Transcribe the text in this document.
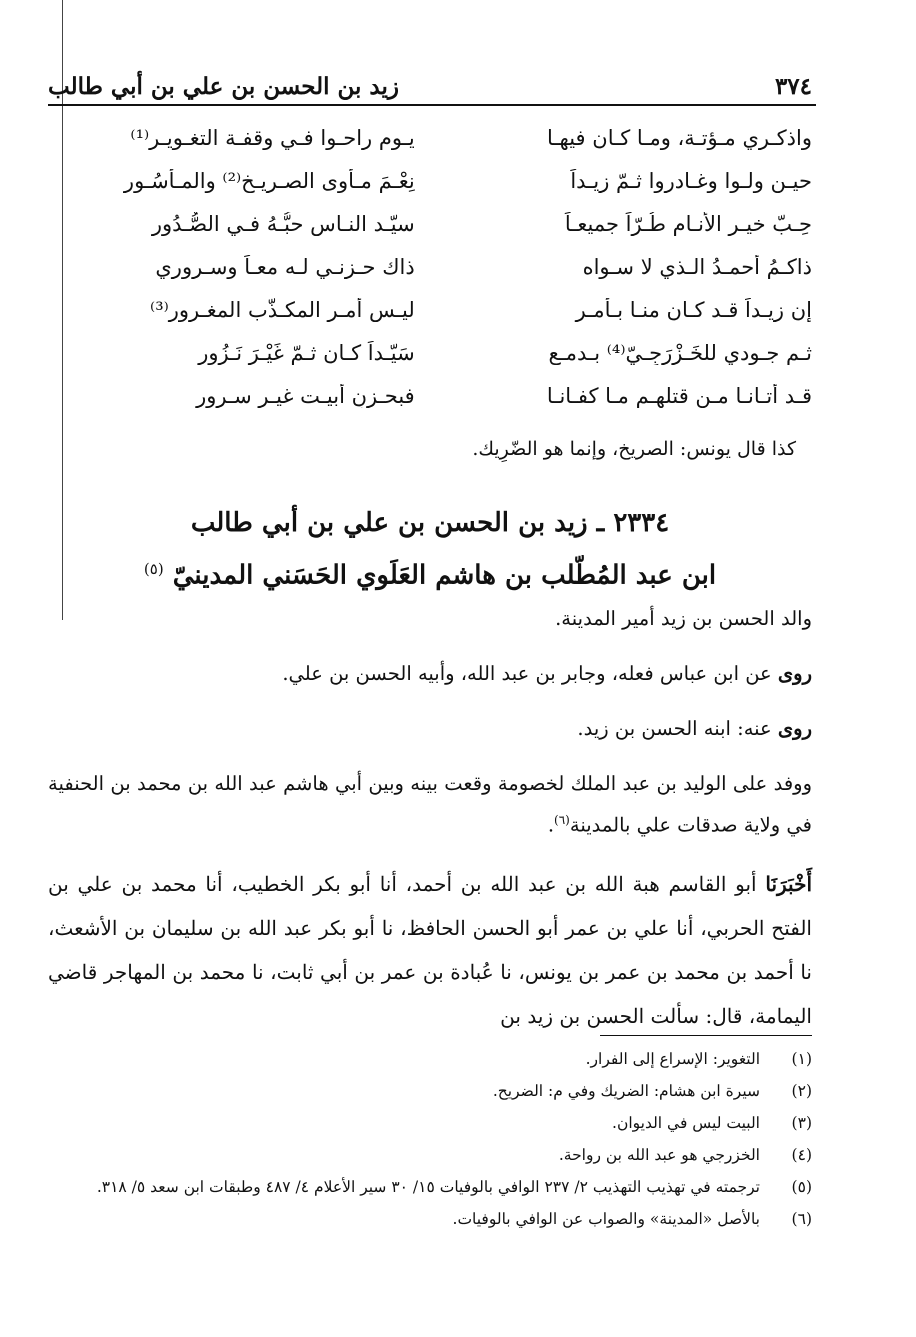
٣٧٤
زيد بن الحسن بن علي بن أبي طالب
واذكـري مـؤتـة، ومـا كـان فيهـا
يـوم راحـوا فـي وقفـة التغـويـر⁽¹⁾
حيـن ولـوا وغـادروا ثـمّ زيـداً
نِعْـمَ مـأوى الصـريـخ⁽²⁾ والمـأسُـورِ
حِـبّ خيـر الأنـام طُـرّاً جميعـاً
سيّـد النـاس حبُّـهُ فـي الصُّـدُورِ
ذاكـمُ أحمـدُ الـذي لا سـواه
ذاك حـزنـي لـه معـاً وسـروري
إن زيـداً قـد كـان منـا بـأمـر
ليـس أمـر المكـذّب المغـرور⁽³⁾
ثـم جـودي للخَـزْرَجِـيّ⁽⁴⁾ بـدمـع
سَيّـداً كـان ثـمّ غَيْـرَ نَـزُورِ
قـد أتـانـا مـن قتلهـم مـا كفـانـا
فبحـزنٍ أبيـت غيـر سـرور
كذا قال يونس: الصريخ، وإنما هو الضّرِيك.
٢٣٣٤ ـ زيد بن الحسن بن علي بن أبي طالب
ابن عبد المُطّلب بن هاشم العَلَوي الحَسَني المدينيّ $^{(٥)}$

والد الحسن بن زيد أمير المدينة.

روى عن ابن عباس فعله، وجابر بن عبد الله، وأبيه الحسن بن علي.

روى عنه: ابنه الحسن بن زيد.

ووفد على الوليد بن عبد الملك لخصومة وقعت بينه وبين أبي هاشم عبد الله بن محمد بن الحنفية في ولاية صدقات علي بالمدينة$^{(٦)}$.

أَخْبَرَنَا أبو القاسم هبة الله بن عبد الله بن أحمد، أنا أبو بكر الخطيب، أنا محمد بن علي بن الفتح الحربي، أنا علي بن عمر أبو الحسن الحافظ، نا أبو بكر عبد الله بن سليمان بن الأشعث، نا أحمد بن محمد بن عمر بن يونس، نا عُبادة بن عمر بن أبي ثابت، نا محمد بن المهاجر قاضي اليمامة، قال: سألت الحسن بن زيد بن

(١)
التغوير: الإسراع إلى الفرار.
(٢)
سيرة ابن هشام: الضريك وفي م: الضريح.
(٣)
البيت ليس في الديوان.
(٤)
الخزرجي هو عبد الله بن رواحة.
(٥)
ترجمته في تهذيب التهذيب ٢/ ٢٣٧ الوافي بالوفيات ١٥/ ٣٠ سير الأعلام ٤/ ٤٨٧ وطبقات ابن سعد ٥/ ٣١٨.
(٦)
بالأصل «المدينة» والصواب عن الوافي بالوفيات.
